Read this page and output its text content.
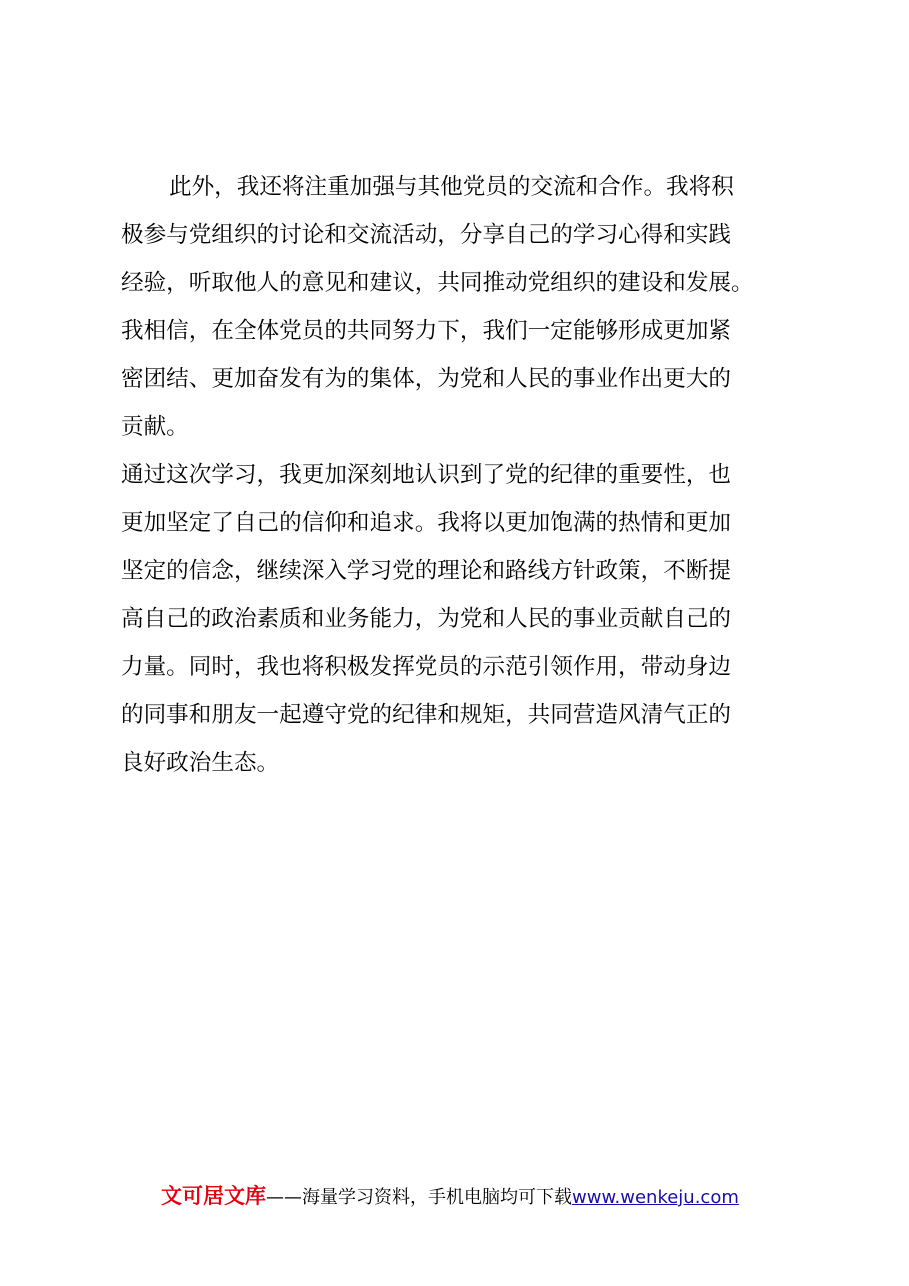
此外，我还将注重加强与其他党员的交流和合作。我将积
极参与党组织的讨论和交流活动，分享自己的学习心得和实践
经验，听取他人的意见和建议，共同推动党组织的建设和发展。
我相信，在全体党员的共同努力下，我们一定能够形成更加紧
密团结、更加奋发有为的集体，为党和人民的事业作出更大的
贡献。
通过这次学习，我更加深刻地认识到了党的纪律的重要性，也
更加坚定了自己的信仰和追求。我将以更加饱满的热情和更加
坚定的信念，继续深入学习党的理论和路线方针政策，不断提
高自己的政治素质和业务能力，为党和人民的事业贡献自己的
力量。同时，我也将积极发挥党员的示范引领作用，带动身边
的同事和朋友一起遵守党的纪律和规矩，共同营造风清气正的
良好政治生态。
文可居文库——海量学习资料，手机电脑均可下载www.wenkeju.com
